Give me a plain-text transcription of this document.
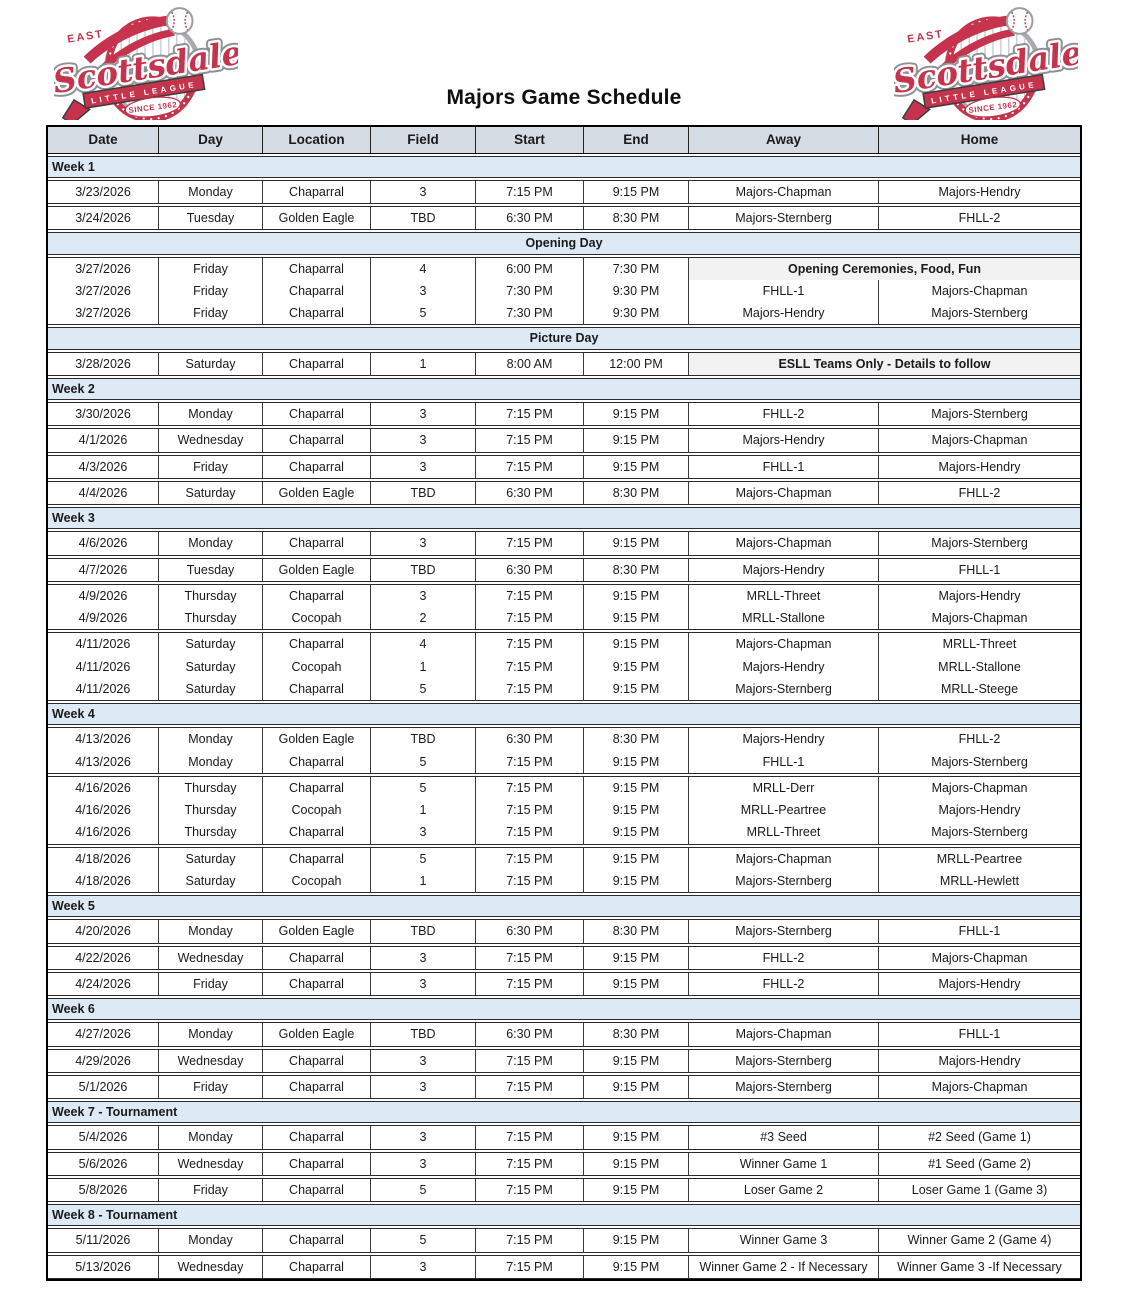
Majors Game Schedule
Date	Day	Location	Field	Start	End	Away	Home
Week 1
3/23/2026	Monday	Chaparral	3	7:15 PM	9:15 PM	Majors-Chapman	Majors-Hendry
3/24/2026	Tuesday	Golden Eagle	TBD	6:30 PM	8:30 PM	Majors-Sternberg	FHLL-2
Opening Day
3/27/2026	Friday	Chaparral	4	6:00 PM	7:30 PM	Opening Ceremonies, Food, Fun
3/27/2026	Friday	Chaparral	3	7:30 PM	9:30 PM	FHLL-1	Majors-Chapman
3/27/2026	Friday	Chaparral	5	7:30 PM	9:30 PM	Majors-Hendry	Majors-Sternberg
Picture Day
3/28/2026	Saturday	Chaparral	1	8:00 AM	12:00 PM	ESLL Teams Only - Details to follow
Week 2
3/30/2026	Monday	Chaparral	3	7:15 PM	9:15 PM	FHLL-2	Majors-Sternberg
4/1/2026	Wednesday	Chaparral	3	7:15 PM	9:15 PM	Majors-Hendry	Majors-Chapman
4/3/2026	Friday	Chaparral	3	7:15 PM	9:15 PM	FHLL-1	Majors-Hendry
4/4/2026	Saturday	Golden Eagle	TBD	6:30 PM	8:30 PM	Majors-Chapman	FHLL-2
Week 3
4/6/2026	Monday	Chaparral	3	7:15 PM	9:15 PM	Majors-Chapman	Majors-Sternberg
4/7/2026	Tuesday	Golden Eagle	TBD	6:30 PM	8:30 PM	Majors-Hendry	FHLL-1
4/9/2026	Thursday	Chaparral	3	7:15 PM	9:15 PM	MRLL-Threet	Majors-Hendry
4/9/2026	Thursday	Cocopah	2	7:15 PM	9:15 PM	MRLL-Stallone	Majors-Chapman
4/11/2026	Saturday	Chaparral	4	7:15 PM	9:15 PM	Majors-Chapman	MRLL-Threet
4/11/2026	Saturday	Cocopah	1	7:15 PM	9:15 PM	Majors-Hendry	MRLL-Stallone
4/11/2026	Saturday	Chaparral	5	7:15 PM	9:15 PM	Majors-Sternberg	MRLL-Steege
Week 4
4/13/2026	Monday	Golden Eagle	TBD	6:30 PM	8:30 PM	Majors-Hendry	FHLL-2
4/13/2026	Monday	Chaparral	5	7:15 PM	9:15 PM	FHLL-1	Majors-Sternberg
4/16/2026	Thursday	Chaparral	5	7:15 PM	9:15 PM	MRLL-Derr	Majors-Chapman
4/16/2026	Thursday	Cocopah	1	7:15 PM	9:15 PM	MRLL-Peartree	Majors-Hendry
4/16/2026	Thursday	Chaparral	3	7:15 PM	9:15 PM	MRLL-Threet	Majors-Sternberg
4/18/2026	Saturday	Chaparral	5	7:15 PM	9:15 PM	Majors-Chapman	MRLL-Peartree
4/18/2026	Saturday	Cocopah	1	7:15 PM	9:15 PM	Majors-Sternberg	MRLL-Hewlett
Week 5
4/20/2026	Monday	Golden Eagle	TBD	6:30 PM	8:30 PM	Majors-Sternberg	FHLL-1
4/22/2026	Wednesday	Chaparral	3	7:15 PM	9:15 PM	FHLL-2	Majors-Chapman
4/24/2026	Friday	Chaparral	3	7:15 PM	9:15 PM	FHLL-2	Majors-Hendry
Week 6
4/27/2026	Monday	Golden Eagle	TBD	6:30 PM	8:30 PM	Majors-Chapman	FHLL-1
4/29/2026	Wednesday	Chaparral	3	7:15 PM	9:15 PM	Majors-Sternberg	Majors-Hendry
5/1/2026	Friday	Chaparral	3	7:15 PM	9:15 PM	Majors-Sternberg	Majors-Chapman
Week 7 - Tournament
5/4/2026	Monday	Chaparral	3	7:15 PM	9:15 PM	#3 Seed	#2 Seed (Game 1)
5/6/2026	Wednesday	Chaparral	3	7:15 PM	9:15 PM	Winner Game 1	#1 Seed (Game 2)
5/8/2026	Friday	Chaparral	5	7:15 PM	9:15 PM	Loser Game 2	Loser Game 1 (Game 3)
Week 8 - Tournament
5/11/2026	Monday	Chaparral	5	7:15 PM	9:15 PM	Winner Game 3	Winner Game 2 (Game 4)
5/13/2026	Wednesday	Chaparral	3	7:15 PM	9:15 PM	Winner Game 2 - If Necessary	Winner Game 3 -If Necessary
